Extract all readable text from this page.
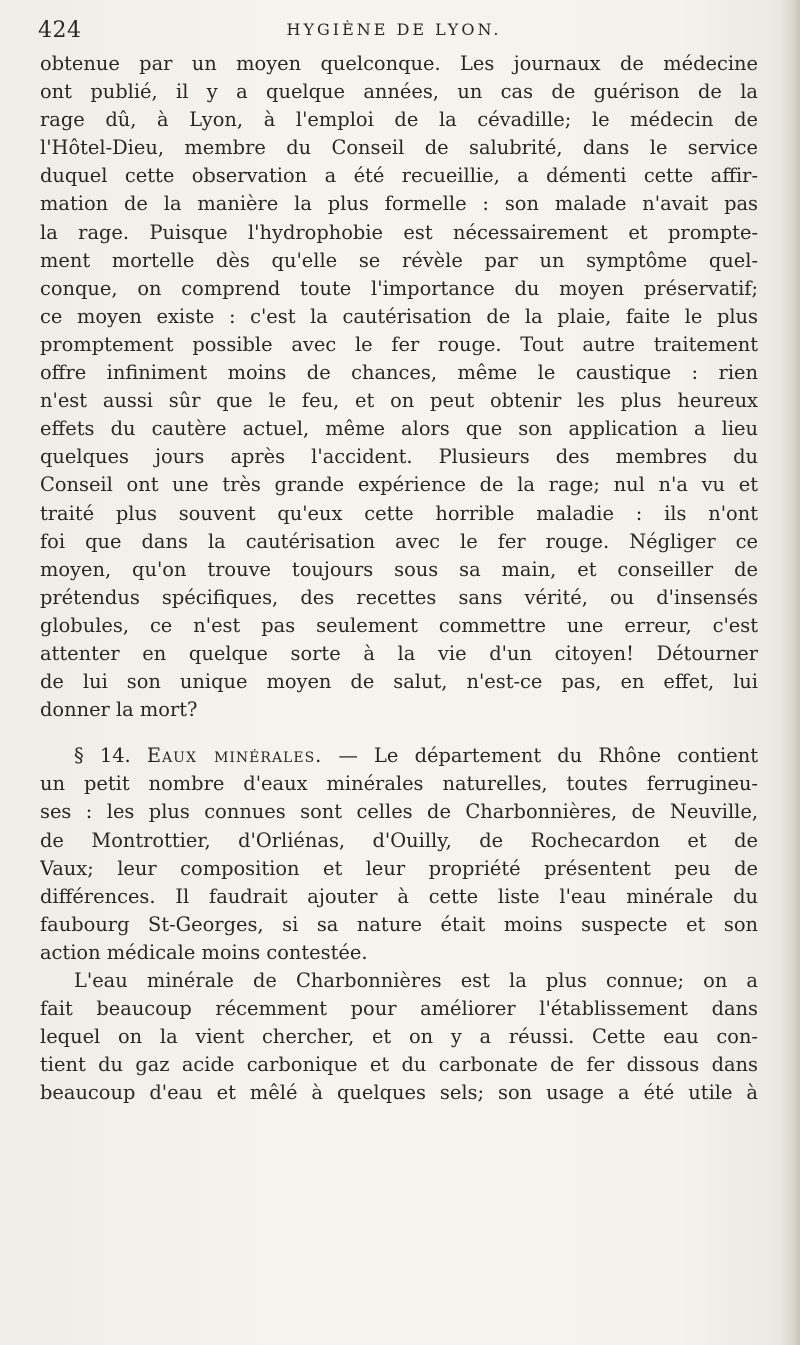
424	HYGIÈNE DE LYON.
obtenue par un moyen quelconque. Les journaux de médecine
ont publié, il y a quelque années, un cas de guérison de la
rage dû, à Lyon, à l'emploi de la cévadille; le médecin de
l'Hôtel-Dieu, membre du Conseil de salubrité, dans le service
duquel cette observation a été recueillie, a démenti cette affir-
mation de la manière la plus formelle : son malade n'avait pas
la rage. Puisque l'hydrophobie est nécessairement et prompte-
ment mortelle dès qu'elle se révèle par un symptôme quel-
conque, on comprend toute l'importance du moyen préservatif;
ce moyen existe : c'est la cautérisation de la plaie, faite le plus
promptement possible avec le fer rouge. Tout autre traitement
offre infiniment moins de chances, même le caustique : rien
n'est aussi sûr que le feu, et on peut obtenir les plus heureux
effets du cautère actuel, même alors que son application a lieu
quelques jours après l'accident. Plusieurs des membres du
Conseil ont une très grande expérience de la rage; nul n'a vu et
traité plus souvent qu'eux cette horrible maladie : ils n'ont
foi que dans la cautérisation avec le fer rouge. Négliger ce
moyen, qu'on trouve toujours sous sa main, et conseiller de
prétendus spécifiques, des recettes sans vérité, ou d'insensés
globules, ce n'est pas seulement commettre une erreur, c'est
attenter en quelque sorte à la vie d'un citoyen! Détourner
de lui son unique moyen de salut, n'est-ce pas, en effet, lui
donner la mort?
§ 14. Eaux minérales. — Le département du Rhône contient
un petit nombre d'eaux minérales naturelles, toutes ferrugineu-
ses : les plus connues sont celles de Charbonnières, de Neuville,
de Montrottier, d'Orliénas, d'Ouilly, de Rochecardon et de
Vaux; leur composition et leur propriété présentent peu de
différences. Il faudrait ajouter à cette liste l'eau minérale du
faubourg St-Georges, si sa nature était moins suspecte et son
action médicale moins contestée.
L'eau minérale de Charbonnières est la plus connue; on a
fait beaucoup récemment pour améliorer l'établissement dans
lequel on la vient chercher, et on y a réussi. Cette eau con-
tient du gaz acide carbonique et du carbonate de fer dissous dans
beaucoup d'eau et mêlé à quelques sels; son usage a été utile à
